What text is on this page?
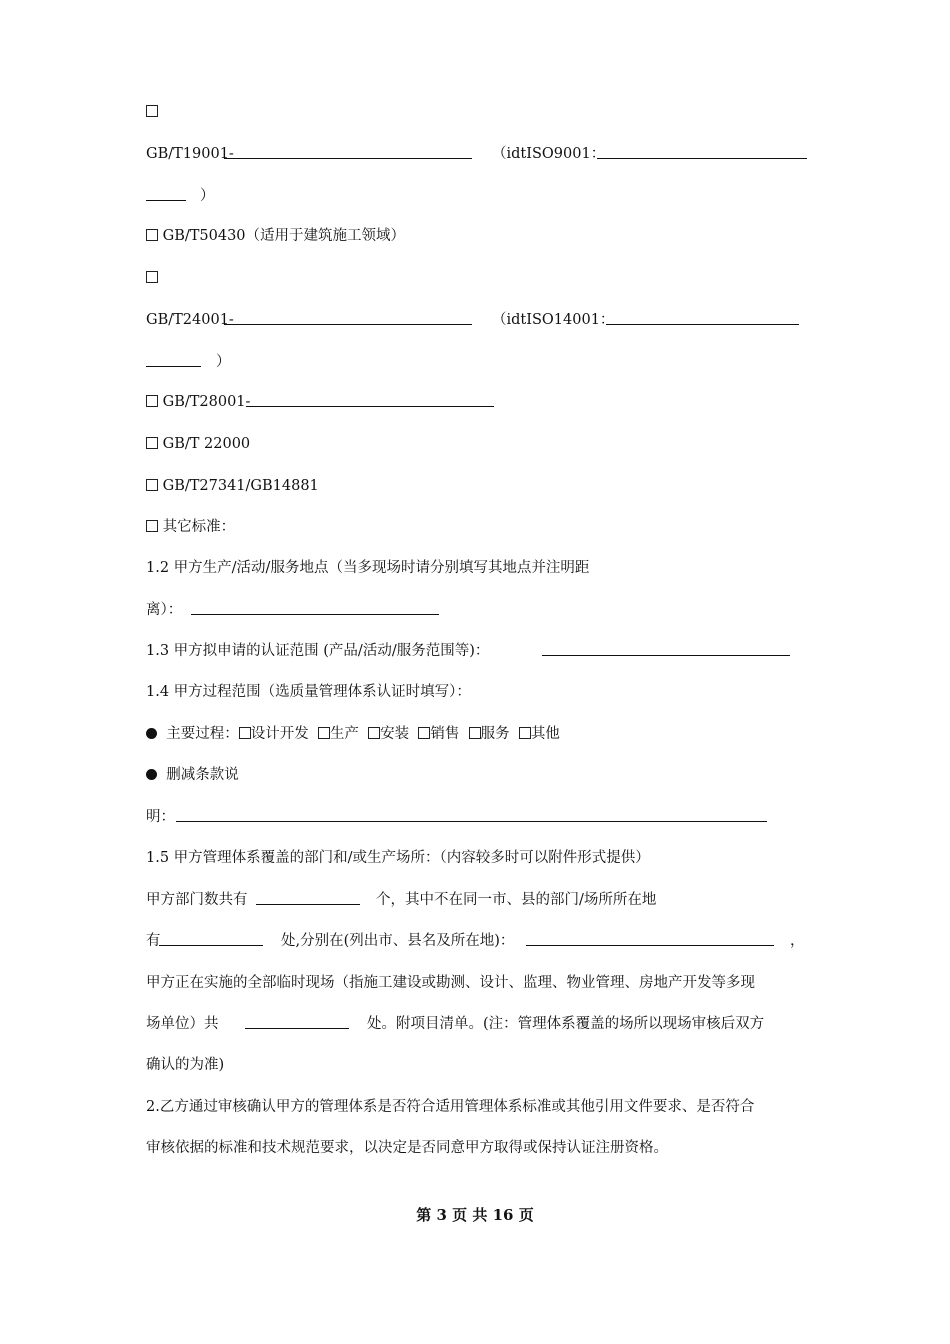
GB/T19001-	（idtISO9001：
）
GB/T50430（适用于建筑施工领域）
GB/T24001-	（idtISO14001：
）
GB/T28001-
GB/T 22000
GB/T27341/GB14881
其它标准：
1.2 甲方生产/活动/服务地点（当多现场时请分别填写其地点并注明距
离）：
1.3 甲方拟申请的认证范围 (产品/活动/服务范围等)：
1.4 甲方过程范围（选质量管理体系认证时填写）：
主要过程： 设计开发 生产 安装 销售 服务 其他
删减条款说
明：
1.5 甲方管理体系覆盖的部门和/或生产场所：（内容较多时可以附件形式提供）
甲方部门数共有	个，其中不在同一市、县的部门/场所所在地
有	处,分别在(列出市、县名及所在地)：	，
甲方正在实施的全部临时现场（指施工建设或勘测、设计、监理、物业管理、房地产开发等多现
场单位）共	处。附项目清单。(注：管理体系覆盖的场所以现场审核后双方
确认的为准)
2.乙方通过审核确认甲方的管理体系是否符合适用管理体系标准或其他引用文件要求、是否符合
审核依据的标准和技术规范要求，以决定是否同意甲方取得或保持认证注册资格。
第 3 页 共 16 页
